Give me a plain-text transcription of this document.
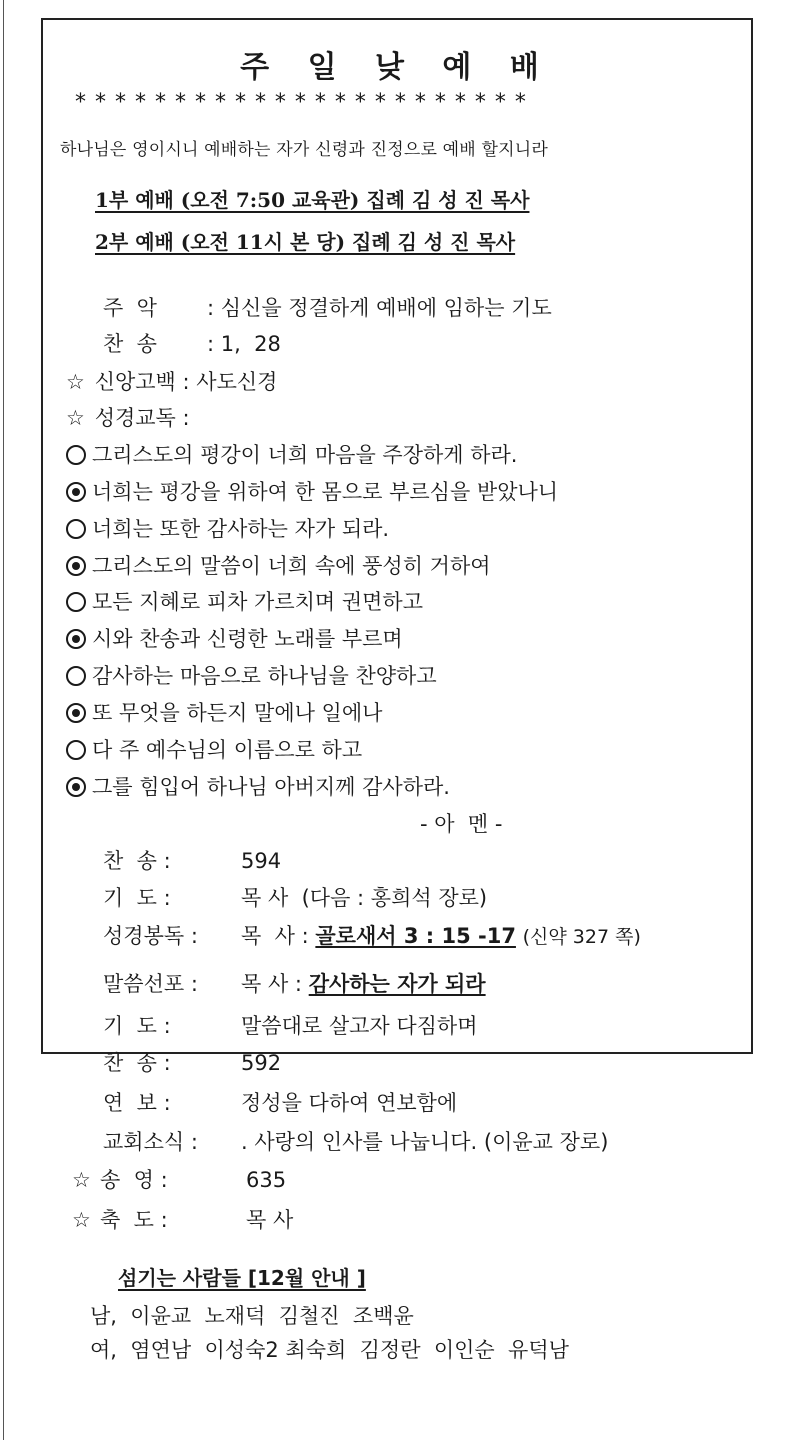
주 일 낮 예 배
* * * * * * * * * * * * * * * * * * * * * * *
하나님은 영이시니 예배하는 자가 신령과 진정으로 예배 할지니라
1부 예배 (오전 7:50 교육관) 집례 김 성 진 목사
2부 예배 (오전 11시 본 당) 집례 김 성 진 목사
주  악 : 심신을 정결하게 예배에 임하는 기도
찬  송 : 1,  28
☆ 신앙고백 : 사도신경
☆ 성경교독 :
그리스도의 평강이 너희 마음을 주장하게 하라.
너희는 평강을 위하여 한 몸으로 부르심을 받았나니
너희는 또한 감사하는 자가 되라.
그리스도의 말씀이 너희 속에 풍성히 거하여
모든 지혜로 피차 가르치며 권면하고
시와 찬송과 신령한 노래를 부르며
감사하는 마음으로 하나님을 찬양하고
또 무엇을 하든지 말에나 일에나
다 주 예수님의 이름으로 하고
그를 힘입어 하나님 아버지께 감사하라.
- 아  멘 -
찬  송 :	594
기  도 :	목 사  (다음 : 홍희석 장로)
성경봉독 : 목  사 : 골로새서 3 : 15 -17 (신약 327 쪽)
말씀선포 : 목 사 : 감사하는 자가 되라
기  도 :	말씀대로 살고자 다짐하며
찬  송 :	592
연  보 :	정성을 다하여 연보함에
교회소식 : . 사랑의 인사를 나눕니다. (이윤교 장로)
☆ 송  영 :	635
☆ 축  도 :	목 사
섬기는 사람들 [12월 안내 ]
남,  이윤교  노재덕  김철진  조백윤
여,  염연남  이성숙2 최숙희  김정란  이인순  유덕남
